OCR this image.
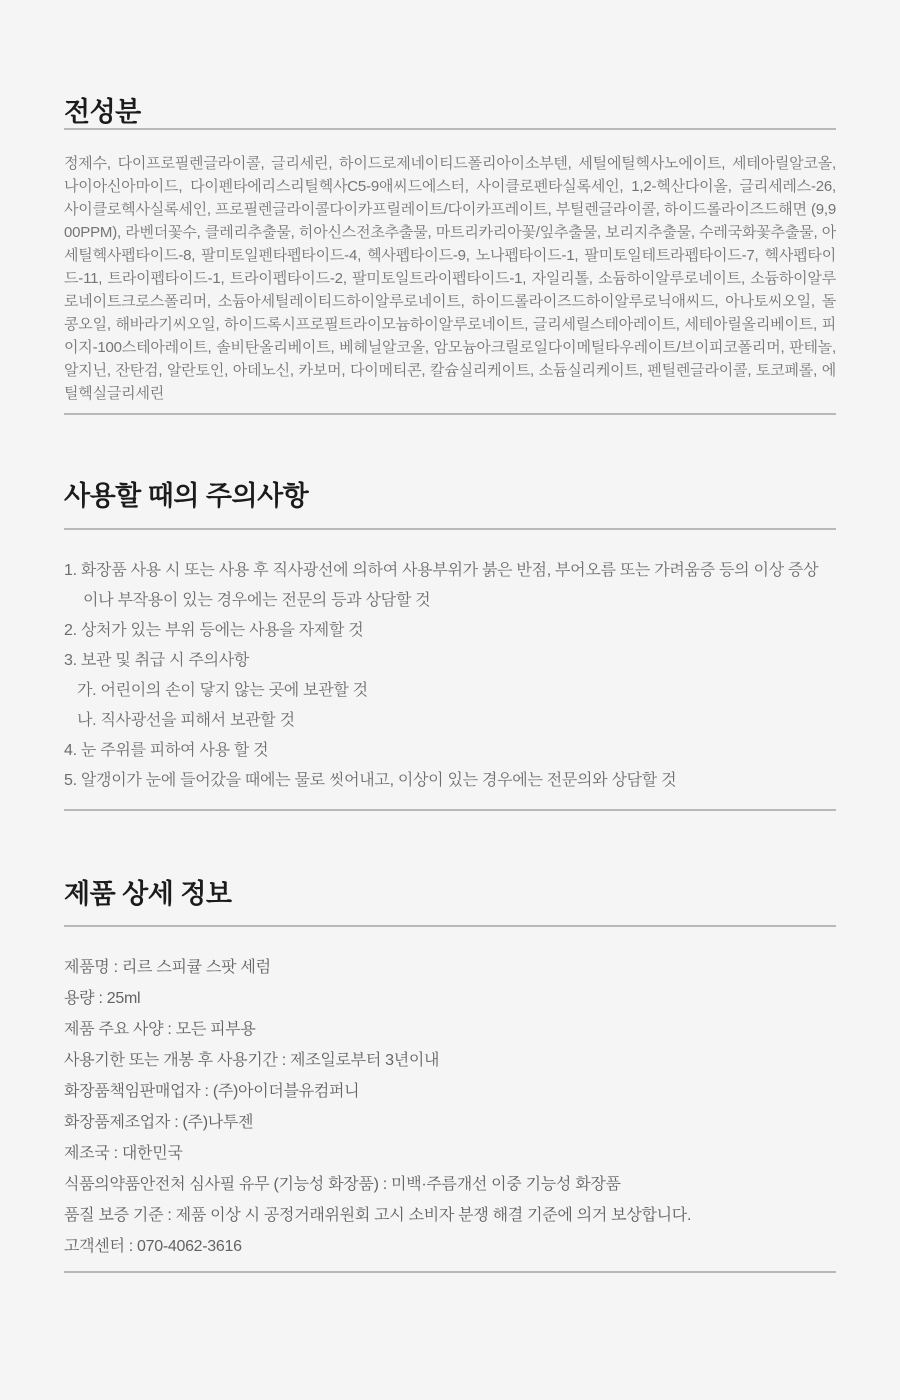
전성분

정제수, 다이프로필렌글라이콜, 글리세린, 하이드로제네이티드폴리아이소부텐, 세틸에틸헥사노에이트, 세테아릴알코올, 나이아신아마이드, 다이펜타에리스리틸헥사C5-9애씨드에스터, 사이클로펜타실록세인, 1,2-헥산다이올, 글리세레스-26, 사이클로헥사실록세인, 프로필렌글라이콜다이카프릴레이트/다이카프레이트, 부틸렌글라이콜, 하이드롤라이즈드해면 (9,900PPM), 라벤더꽃수, 클레리추출물, 히아신스전초추출물, 마트리카리아꽃/잎추출물, 보리지추출물, 수레국화꽃추출물, 아세틸헥사펩타이드-8, 팔미토일펜타펩타이드-4, 헥사펩타이드-9, 노나펩타이드-1, 팔미토일테트라펩타이드-7, 헥사펩타이드-11, 트라이펩타이드-1, 트라이펩타이드-2, 팔미토일트라이펩타이드-1, 자일리톨, 소듐하이알루로네이트, 소듐하이알루로네이트크로스폴리머, 소듐아세틸레이티드하이알루로네이트, 하이드롤라이즈드하이알루로닉애씨드, 아나토씨오일, 돌콩오일, 해바라기씨오일, 하이드록시프로필트라이모늄하이알루로네이트, 글리세릴스테아레이트, 세테아릴올리베이트, 피이지-100스테아레이트, 솔비탄올리베이트, 베헤닐알코올, 암모늄아크릴로일다이메틸타우레이트/브이피코폴리머, 판테놀, 알지닌, 잔탄검, 알란토인, 아데노신, 카보머, 다이메티콘, 칼슘실리케이트, 소듐실리케이트, 펜틸렌글라이콜, 토코페롤, 에틸헥실글리세린

사용할 때의 주의사항
1. 화장품 사용 시 또는 사용 후 직사광선에 의하여 사용부위가 붉은 반점, 부어오름 또는 가려움증 등의 이상 증상
이나 부작용이 있는 경우에는 전문의 등과 상담할 것
2. 상처가 있는 부위 등에는 사용을 자제할 것
3. 보관 및 취급 시 주의사항
가. 어린이의 손이 닿지 않는 곳에 보관할 것
나. 직사광선을 피해서 보관할 것
4. 눈 주위를 피하여 사용 할 것
5. 알갱이가 눈에 들어갔을 때에는 물로 씻어내고, 이상이 있는 경우에는 전문의와 상담할 것
제품 상세 정보
제품명 : 리르 스피큘 스팟 세럼
용량 : 25ml
제품 주요 사양 : 모든 피부용
사용기한 또는 개봉 후 사용기간 : 제조일로부터 3년이내
화장품책임판매업자 : (주)아이더블유컴퍼니
화장품제조업자 : (주)나투젠
제조국 : 대한민국
식품의약품안전처 심사필 유무 (기능성 화장품) : 미백·주름개선 이중 기능성 화장품
품질 보증 기준 : 제품 이상 시 공정거래위원회 고시 소비자 분쟁 해결 기준에 의거 보상합니다.
고객센터 : 070-4062-3616
